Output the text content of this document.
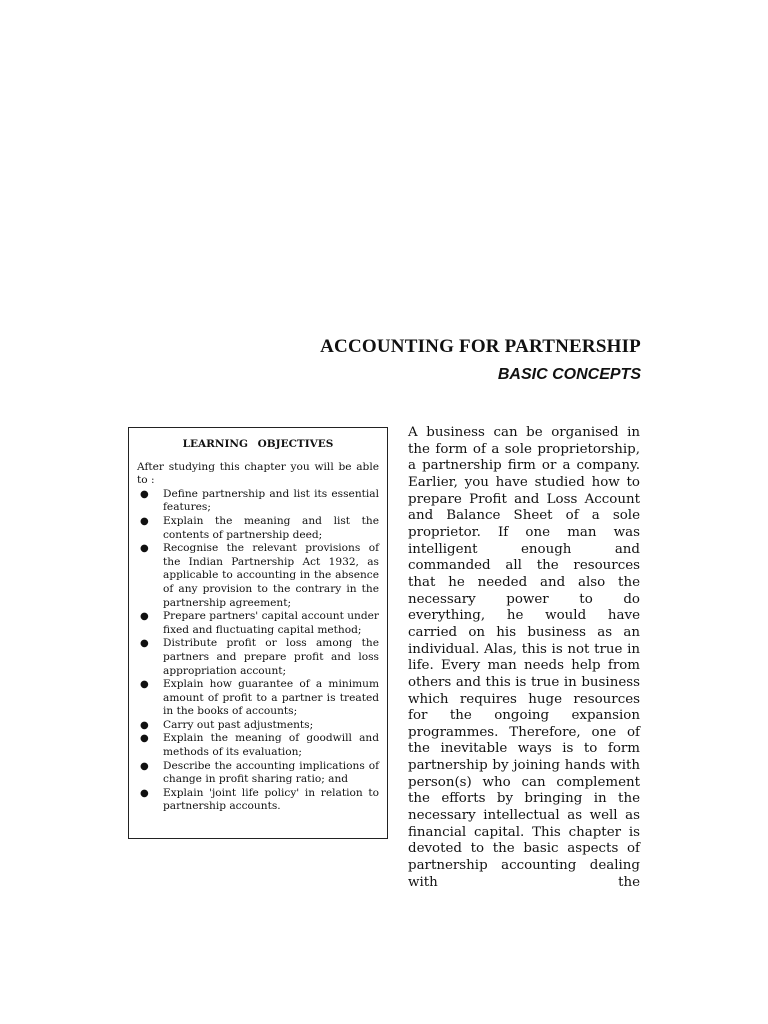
ACCOUNTING FOR PARTNERSHIP
BASIC CONCEPTS
LEARNING OBJECTIVES

After studying this chapter you will be able to :

● Define partnership and list its essential features;
● Explain the meaning and list the contents of partnership deed;
● Recognise the relevant provisions of the Indian Partnership Act 1932, as applicable to accounting in the absence of any provision to the contrary in the partnership agreement;
● Prepare partners' capital account under fixed and fluctuating capital method;
● Distribute profit or loss among the partners and prepare profit and loss appropriation account;
● Explain how guarantee of a minimum amount of profit to a partner is treated in the books of accounts;
● Carry out past adjustments;
● Explain the meaning of goodwill and methods of its evaluation;
● Describe the accounting implications of change in profit sharing ratio; and
● Explain 'joint life policy' in relation to partnership accounts.

A business can be organised in the form of a sole proprietorship, a partnership firm or a company. Earlier, you have studied how to prepare Profit and Loss Account and Balance Sheet of a sole proprietor. If one man was intelligent enough and commanded all the resources that he needed and also the necessary power to do everything, he would have carried on his business as an individual. Alas, this is not true in life. Every man needs help from others and this is true in business which requires huge resources for the ongoing expansion programmes. Therefore, one of the inevitable ways is to form partnership by joining hands with person(s) who can complement the efforts by bringing in the necessary intellectual as well as financial capital. This chapter is devoted to the basic aspects of partnership accounting dealing with the
